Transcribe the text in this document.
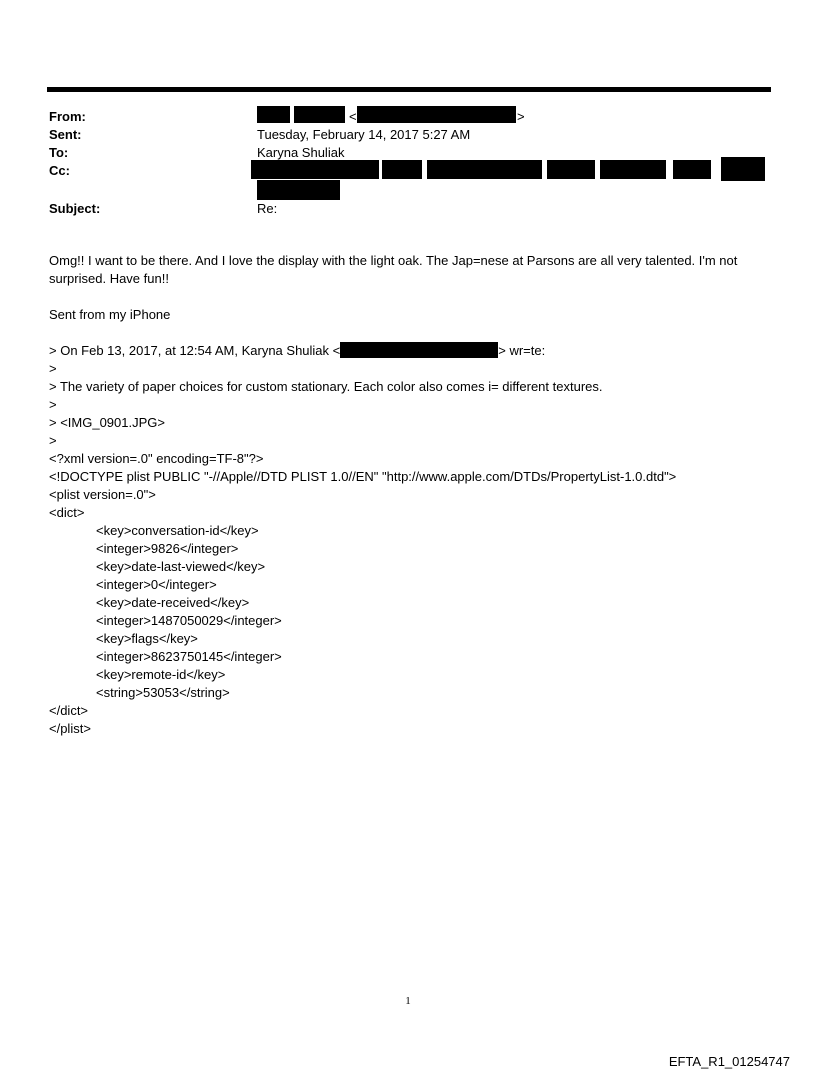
From:	<	>
Sent:	Tuesday, February 14, 2017 5:27 AM
To:	Karyna Shuliak
Cc:
Subject:	Re:
Omg!! I want to be there. And I love the display with the light oak. The Jap=nese at Parsons are all very talented. I'm not surprised. Have fun!!
Sent from my iPhone
> On Feb 13, 2017, at 12:54 AM, Karyna Shuliak <	> wr=te:
>
> The variety of paper choices for custom stationary. Each color also comes i= different textures.
>
> <IMG_0901.JPG>
>
<?xml version=.0" encoding=TF-8"?>
<!DOCTYPE plist PUBLIC "-//Apple//DTD PLIST 1.0//EN" "http://www.apple.com/DTDs/PropertyList-1.0.dtd">
<plist version=.0">
<dict>
<key>conversation-id</key>
<integer>9826</integer>
<key>date-last-viewed</key>
<integer>0</integer>
<key>date-received</key>
<integer>1487050029</integer>
<key>flags</key>
<integer>8623750145</integer>
<key>remote-id</key>
<string>53053</string>
</dict>
</plist>
1
EFTA_R1_01254747
